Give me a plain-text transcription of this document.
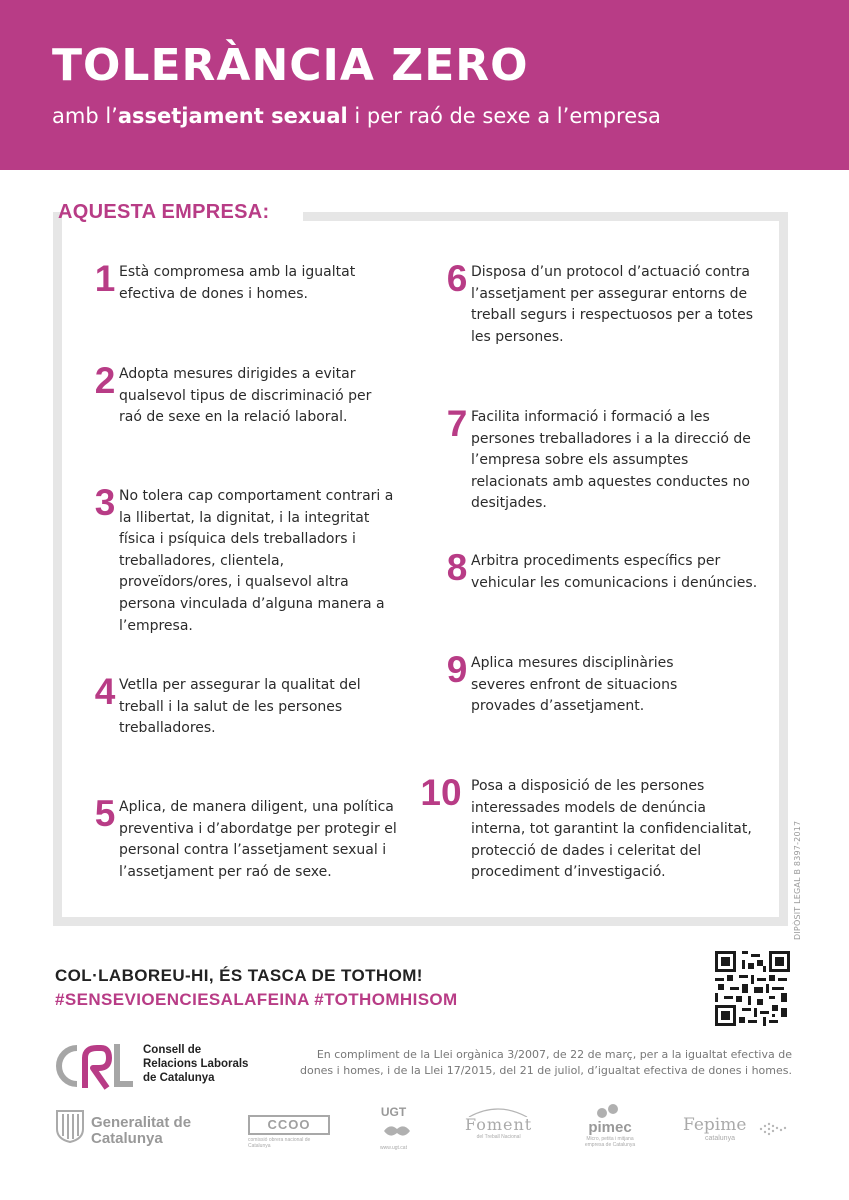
TOLERÀNCIA ZERO
amb l’assetjament sexual i per raó de sexe a l’empresa
AQUESTA EMPRESA:
1 Està compromesa amb la igualtat efectiva de dones i homes.
2 Adopta mesures dirigides a evitar qualsevol tipus de discriminació per raó de sexe en la relació laboral.
3 No tolera cap comportament contrari a la llibertat, la dignitat, i la integritat física i psíquica dels treballadors i treballadores, clientela, proveïdors/ores, i qualsevol altra persona vinculada d’alguna manera a l’empresa.
4 Vetlla per assegurar la qualitat del treball i la salut de les persones treballadores.
5 Aplica, de manera diligent, una política preventiva i d’abordatge per protegir el personal contra l’assetjament sexual i l’assetjament per raó de sexe.
6 Disposa d’un protocol d’actuació contra l’assetjament per assegurar entorns de treball segurs i respectuosos per a totes les persones.
7 Facilita informació i formació a les persones treballadores i a la direcció de l’empresa sobre els assumptes relacionats amb aquestes conductes no desitjades.
8 Arbitra procediments específics per vehicular les comunicacions i denúncies.
9 Aplica mesures disciplinàries severes enfront de situacions provades d’assetjament.
10 Posa a disposició de les persones interessades models de denúncia interna, tot garantint la confidencialitat, protecció de dades i celeritat del procediment d’investigació.	DIPÒSIT LEGAL B 8397-2017
COL·LABOREU-HI, ÉS TASCA DE TOTHOM!
#SENSEVIOENCIESALAFEINA #TOTHOMHISOM
Consell de Relacions Laborals de Catalunya
En compliment de la Llei orgànica 3/2007, de 22 de març, per a la igualtat efectiva de dones i homes, i de la Llei 17/2015, del 21 de juliol, d’igualtat efectiva de dones i homes.
Generalitat de Catalunya
CCOO
comissió obrera nacional de Catalunya
UGT
www.ugt.cat
Foment
del Treball Nacional
pimec
Micro, petita i mitjana empresa de Catalunya
Fepime
catalunya
